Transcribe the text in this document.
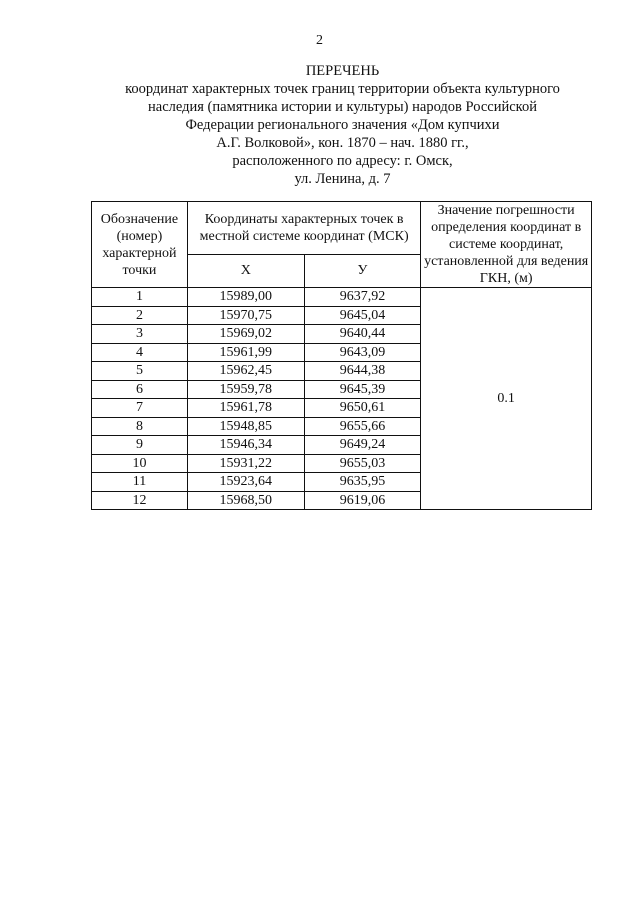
2
ПЕРЕЧЕНЬ
координат характерных точек границ территории объекта культурного
наследия (памятника истории и культуры) народов Российской
Федерации регионального значения «Дом купчихи
А.Г. Волковой», кон. 1870 – нач. 1880 гг.,
расположенного по адресу: г. Омск,
ул. Ленина, д. 7
Обозначение (номер) характерной точки	Координаты характерных точек в местной системе координат (МСК)		Значение погрешности определения координат в системе координат, установленной для ведения ГКН, (м)
	Х	У	
1	15989,00	9637,92	0.1
2	15970,75	9645,04	
3	15969,02	9640,44	
4	15961,99	9643,09	
5	15962,45	9644,38	
6	15959,78	9645,39	
7	15961,78	9650,61	
8	15948,85	9655,66	
9	15946,34	9649,24	
10	15931,22	9655,03	
11	15923,64	9635,95	
12	15968,50	9619,06	
